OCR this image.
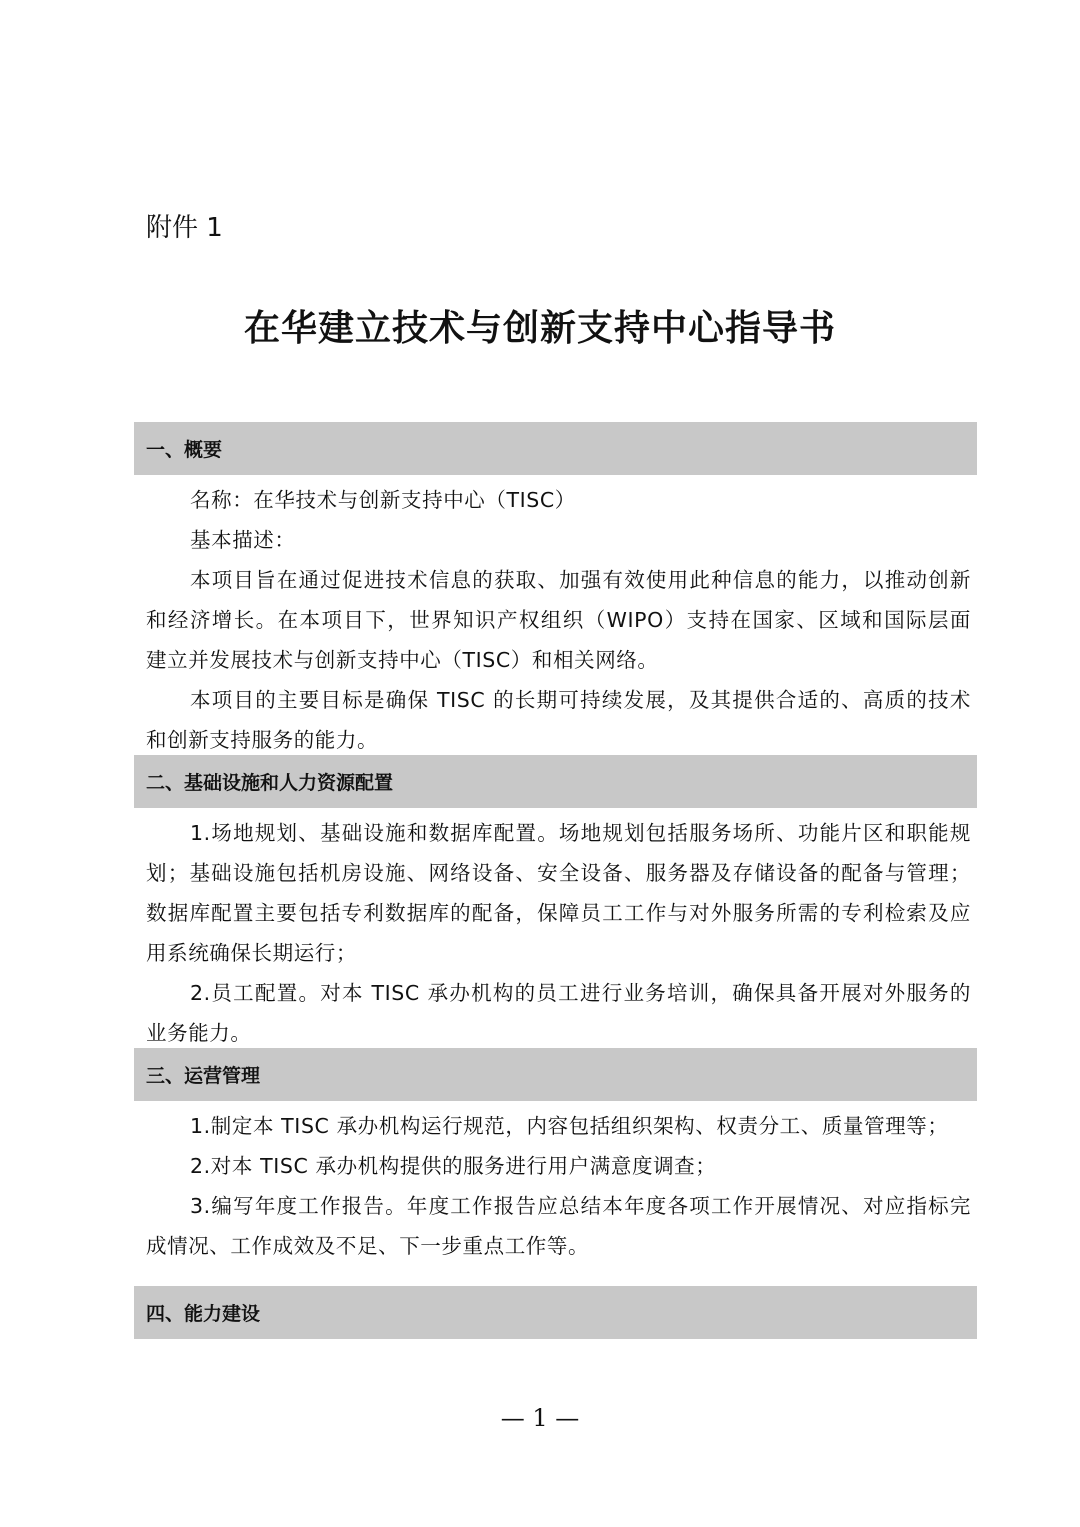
附件 1
在华建立技术与创新支持中心指导书
一、概要
名称：在华技术与创新支持中心（TISC）
基本描述：
本项目旨在通过促进技术信息的获取、加强有效使用此种信息的能力，以推动创新
和经济增长。在本项目下，世界知识产权组织（WIPO）支持在国家、区域和国际层面
建立并发展技术与创新支持中心（TISC）和相关网络。
本项目的主要目标是确保 TISC 的长期可持续发展，及其提供合适的、高质的技术
和创新支持服务的能力。
二、基础设施和人力资源配置
1.场地规划、基础设施和数据库配置。场地规划包括服务场所、功能片区和职能规
划；基础设施包括机房设施、网络设备、安全设备、服务器及存储设备的配备与管理；
数据库配置主要包括专利数据库的配备，保障员工工作与对外服务所需的专利检索及应
用系统确保长期运行；
2.员工配置。对本 TISC 承办机构的员工进行业务培训，确保具备开展对外服务的
业务能力。
三、运营管理
1.制定本 TISC 承办机构运行规范，内容包括组织架构、权责分工、质量管理等；
2.对本 TISC 承办机构提供的服务进行用户满意度调查；
3.编写年度工作报告。年度工作报告应总结本年度各项工作开展情况、对应指标完
成情况、工作成效及不足、下一步重点工作等。
四、能力建设
— 1 —
